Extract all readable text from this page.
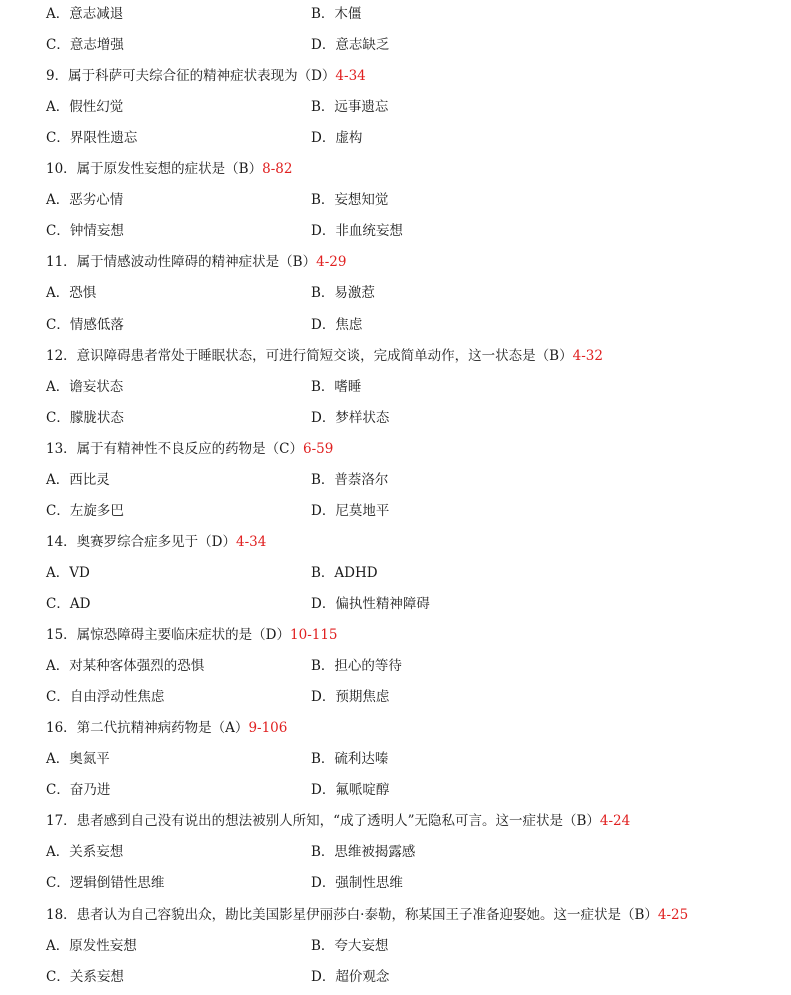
A．意志减退	B．木僵
C．意志增强	D．意志缺乏
9．属于科萨可夫综合征的精神症状表现为（D）4-34
A．假性幻觉	B．远事遗忘
C．界限性遗忘	D．虚构
10．属于原发性妄想的症状是（B）8-82
A．恶劣心情	B．妄想知觉
C．钟情妄想	D．非血统妄想
11．属于情感波动性障碍的精神症状是（B）4-29
A．恐惧	B．易激惹
C．情感低落	D．焦虑
12．意识障碍患者常处于睡眠状态，可进行简短交谈，完成简单动作，这一状态是（B）4-32
A．谵妄状态	B．嗜睡
C．朦胧状态	D．梦样状态
13．属于有精神性不良反应的药物是（C）6-59
A．西比灵	B．普萘洛尔
C．左旋多巴	D．尼莫地平
14．奥赛罗综合症多见于（D）4-34
A．VD	B．ADHD
C．AD	D．偏执性精神障碍
15．属惊恐障碍主要临床症状的是（D）10-115
A．对某种客体强烈的恐惧	B．担心的等待
C．自由浮动性焦虑	D．预期焦虑
16．第二代抗精神病药物是（A）9-106
A．奥氮平	B．硫利达嗪
C．奋乃进	D．氟哌啶醇
17．患者感到自己没有说出的想法被别人所知，“成了透明人”无隐私可言。这一症状是（B）4-24
A．关系妄想	B．思维被揭露感
C．逻辑倒错性思维	D．强制性思维
18．患者认为自己容貌出众，勘比美国影星伊丽莎白·泰勒，称某国王子准备迎娶她。这一症状是（B）4-25
A．原发性妄想	B．夸大妄想
C．关系妄想	D．超价观念
